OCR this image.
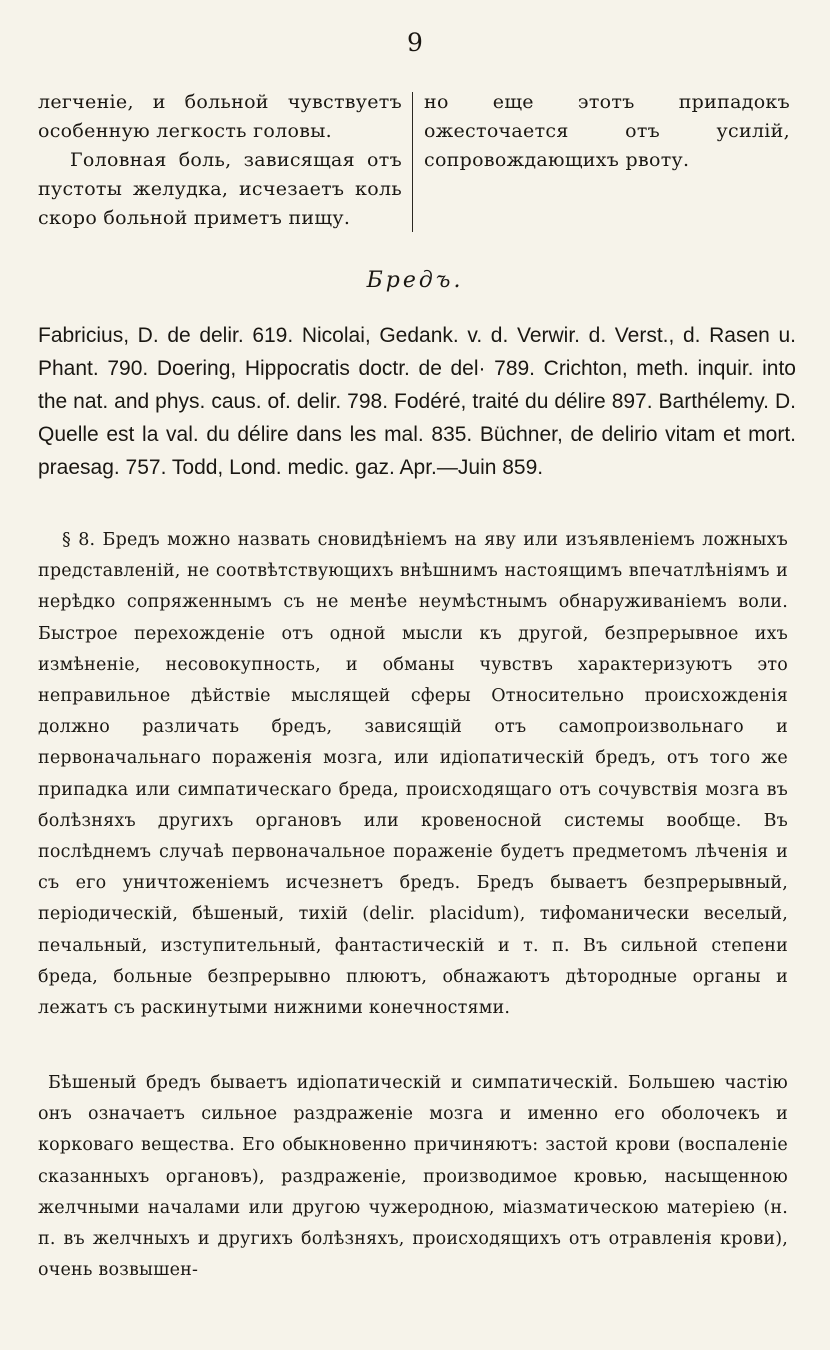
9

легченіе, и больной чувствуетъ особенную легкость головы.

Головная боль, зависящая отъ пустоты желудка, исчезаетъ коль скоро больной приметъ пищу.

но еще этотъ припадокъ ожесточается отъ усилій, сопровождающихъ рвоту.

Бредъ.
Fabricius, D. de delir. 619. Nicolai, Gedank. v. d. Verwir. d. Verst., d. Rasen u. Phant. 790. Doering, Hippocratis doctr. de del· 789. Crichton, meth. inquir. into the nat. and phys. caus. of. delir. 798. Fodéré, traité du délire 897. Barthélemy. D. Quelle est la val. du délire dans les mal. 835. Büchner, de delirio vitam et mort. praesag. 757. Todd, Lond. medic. gaz. Apr.—Juin 859.

§ 8. Бредъ можно назвать сновидѣніемъ на яву или изъявленіемъ ложныхъ представленій, не соотвѣтствующихъ внѣшнимъ настоящимъ впечатлѣніямъ и нерѣдко сопряженнымъ съ не менѣе неумѣстнымъ обнаруживаніемъ воли. Быстрое перехожденіе отъ одной мысли къ другой, безпрерывное ихъ измѣненіе, несовокупность, и обманы чувствъ характеризуютъ это неправильное дѣйствіе мыслящей сферы Относительно происхожденія должно различать бредъ, зависящій отъ самопроизвольнаго и первоначальнаго пораженія мозга, или идіопатическій бредъ, отъ того же припадка или симпатическаго бреда, происходящаго отъ сочувствія мозга въ болѣзняхъ другихъ органовъ или кровеносной системы вообще. Въ послѣднемъ случаѣ первоначальное пораженіе будетъ предметомъ лѣченія и съ его уничтоженіемъ исчезнетъ бредъ. Бредъ бываетъ безпрерывный, періодическій, бѣшеный, тихій (delir. placidum), тифоманически веселый, печальный, изступительный, фантастическій и т. п. Въ сильной степени бреда, больные безпрерывно плюютъ, обнажаютъ дѣтородные органы и лежатъ съ раскинутыми нижними конечностями.

Бѣшеный бредъ бываетъ идіопатическій и симпатическій. Большею частію онъ означаетъ сильное раздраженіе мозга и именно его оболочекъ и корковаго вещества. Его обыкновенно причиняютъ: застой крови (воспаленіе сказанныхъ органовъ), раздраженіе, производимое кровью, насыщенною желчными началами или другою чужеродною, міазматическою матеріею (н. п. въ желчныхъ и другихъ болѣзняхъ, происходящихъ отъ отравленія крови), очень возвышен-
